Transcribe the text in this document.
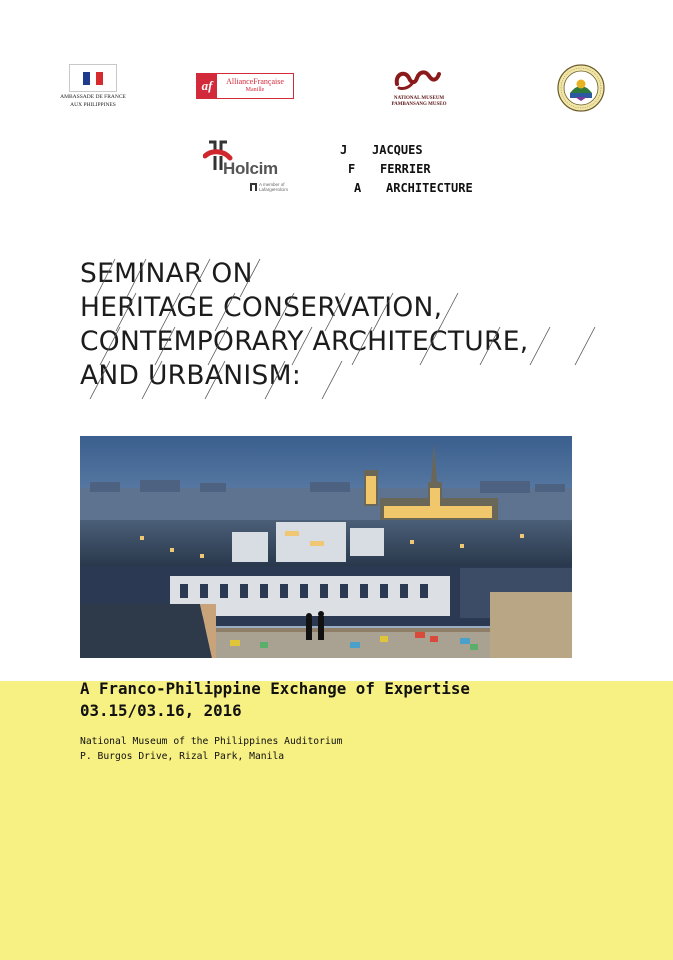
AMBASSADE DE FRANCE
AUX PHILIPPINES
af	AllianceFrançaise
Manille
NATIONAL MUSEUM
PAMBANSANG MUSEO
Holcim
A member of
LafargeHolcim
J JACQUES
F FERRIER
A ARCHITECTURE
SEMINAR ON
HERITAGE CONSERVATION,
CONTEMPORARY ARCHITECTURE,
AND URBANISM:
A Franco-Philippine Exchange of Expertise
03.15/03.16, 2016
National Museum of the Philippines Auditorium
P. Burgos Drive, Rizal Park, Manila
